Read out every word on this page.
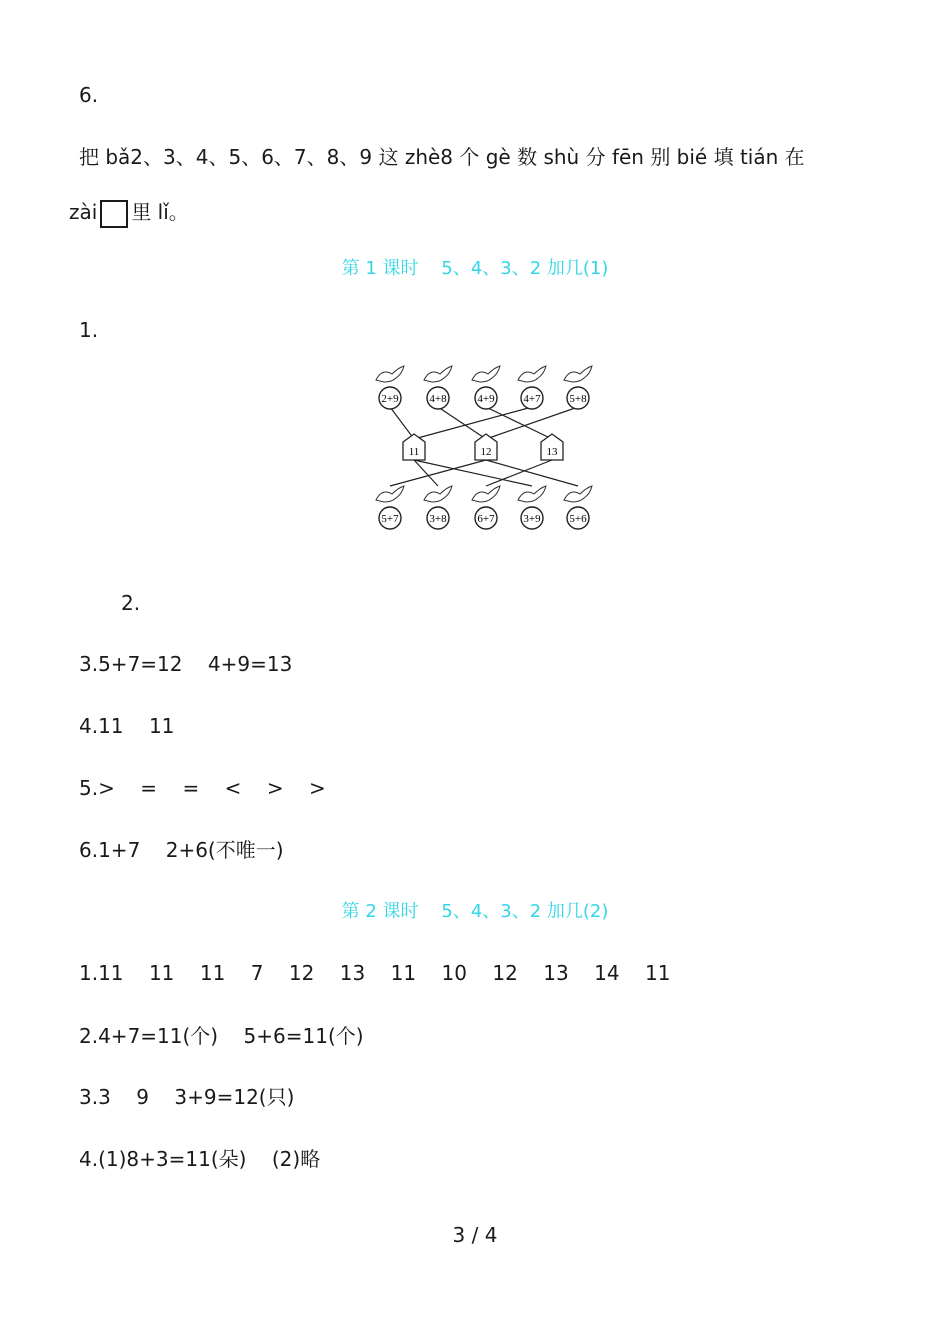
6.
把 bǎ2、3、4、5、6、7、8、9 这 zhè8 个 gè 数 shù 分 fēn 别 bié 填 tián 在
zài 里 lǐ。
第 1 课时    5、4、3、2 加几(1)
1.
2+9	4+8	4+9	4+7	5+8
11	12	13
5+7	3+8	6+7	3+9	5+6
2.
3.5+7=12    4+9=13
4.11    11
5.>    =    =    <    >    >
6.1+7    2+6(不唯一)
第 2 课时    5、4、3、2 加几(2)
1.11    11    11    7    12    13    11    10    12    13    14    11
2.4+7=11(个)    5+6=11(个)
3.3    9    3+9=12(只)
4.(1)8+3=11(朵)    (2)略
3 / 4
